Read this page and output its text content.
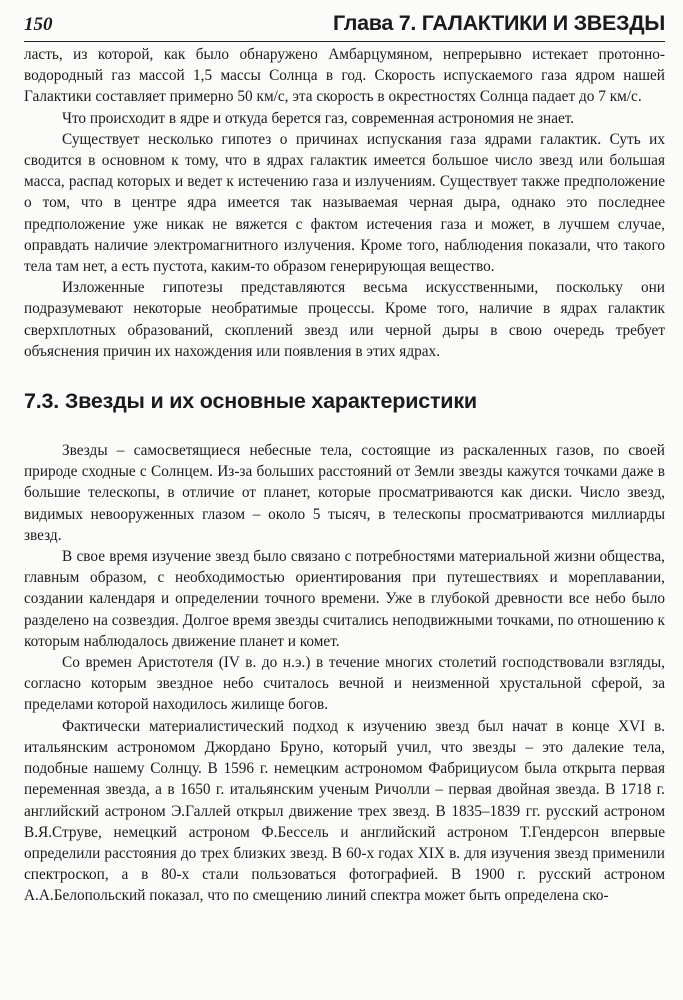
150	Глава 7. ГАЛАКТИКИ И ЗВЕЗДЫ

ласть, из которой, как было обнаружено Амбарцумяном, непрерывно истекает протонно-водородный газ массой 1,5 массы Солнца в год. Скорость испускаемого газа ядром нашей Галактики составляет примерно 50 км/с, эта скорость в окрестностях Солнца падает до 7 км/с.

Что происходит в ядре и откуда берется газ, современная астрономия не знает.

Существует несколько гипотез о причинах испускания газа ядрами галактик. Суть их сводится в основном к тому, что в ядрах галактик имеется большое число звезд или большая масса, распад которых и ведет к истечению газа и излучениям. Существует также предположение о том, что в центре ядра имеется так называемая черная дыра, однако это последнее предположение уже никак не вяжется с фактом истечения газа и может, в лучшем случае, оправдать наличие электромагнитного излучения. Кроме того, наблюдения показали, что такого тела там нет, а есть пустота, каким-то образом генерирующая вещество.

Изложенные гипотезы представляются весьма искусственными, поскольку они подразумевают некоторые необратимые процессы. Кроме того, наличие в ядрах галактик сверхплотных образований, скоплений звезд или черной дыры в свою очередь требует объяснения причин их нахождения или появления в этих ядрах.

7.3. Звезды и их основные характеристики

Звезды – самосветящиеся небесные тела, состоящие из раскаленных газов, по своей природе сходные с Солнцем. Из-за больших расстояний от Земли звезды кажутся точками даже в большие телескопы, в отличие от планет, которые просматриваются как диски. Число звезд, видимых невооруженных глазом – около 5 тысяч, в телескопы просматриваются миллиарды звезд.

В свое время изучение звезд было связано с потребностями материальной жизни общества, главным образом, с необходимостью ориентирования при путешествиях и мореплавании, создании календаря и определении точного времени. Уже в глубокой древности все небо было разделено на созвездия. Долгое время звезды считались неподвижными точками, по отношению к которым наблюдалось движение планет и комет.

Со времен Аристотеля (IV в. до н.э.) в течение многих столетий господствовали взгляды, согласно которым звездное небо считалось вечной и неизменной хрустальной сферой, за пределами которой находилось жилище богов.

Фактически материалистический подход к изучению звезд был начат в конце XVI в. итальянским астрономом Джордано Бруно, который учил, что звезды – это далекие тела, подобные нашему Солнцу. В 1596 г. немецким астрономом Фабрициусом была открыта первая переменная звезда, а в 1650 г. итальянским ученым Ричолли – первая двойная звезда. В 1718 г. английский астроном Э.Галлей открыл движение трех звезд. В 1835–1839 гг. русский астроном В.Я.Струве, немецкий астроном Ф.Бессель и английский астроном Т.Гендерсон впервые определили расстояния до трех близких звезд. В 60-х годах XIX в. для изучения звезд применили спектроскоп, а в 80-х стали пользоваться фотографией. В 1900 г. русский астроном А.А.Белопольский показал, что по смещению линий спектра может быть определена ско-
